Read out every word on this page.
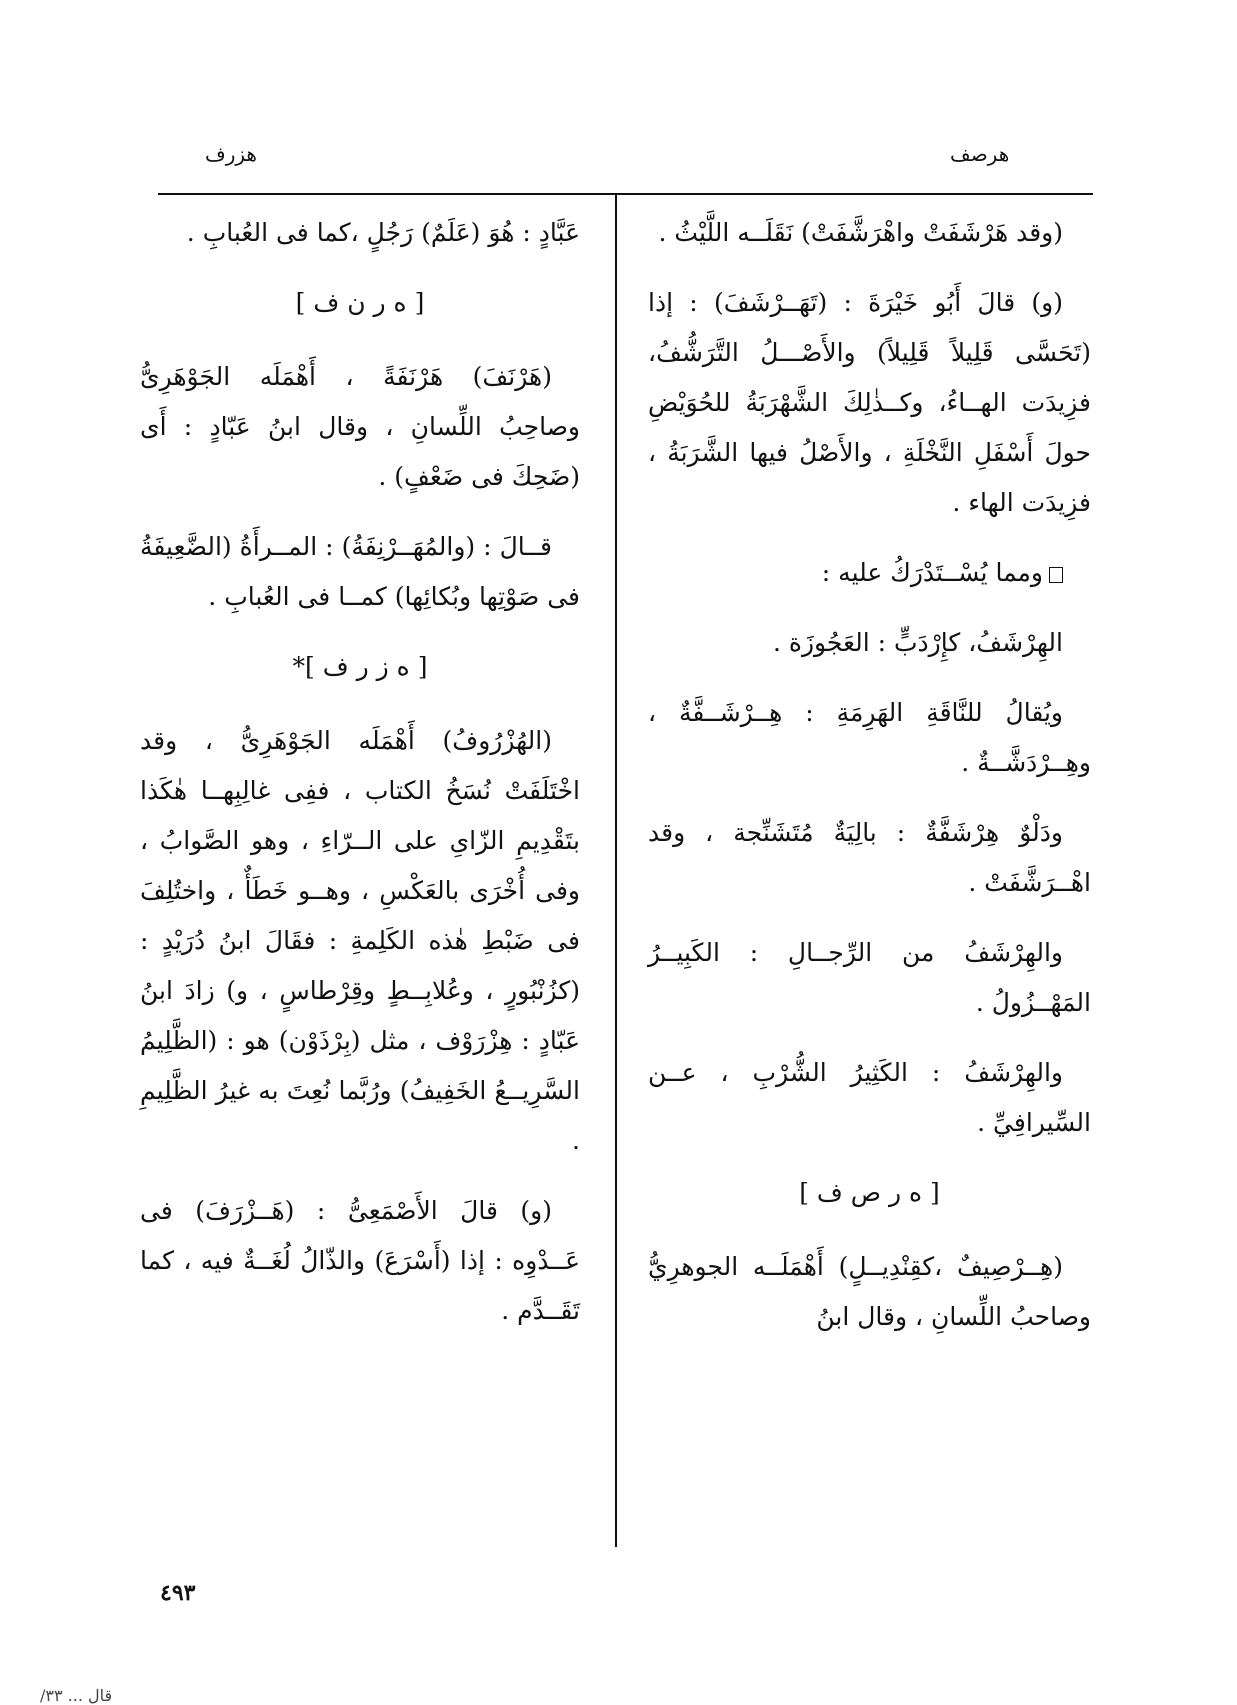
هرصف
هزرف

(وقد هَرْشَفَتْ واهْرَشَّفَتْ) نَقَلَــه اللَّيْثُ .

(و) قالَ أَبُو خَيْرَةَ : (تَهَــرْشَفَ) : إذا (تَحَسَّى قَلِيلاً قَلِيلاً) والأَصْـــلُ التَّرَشُّفُ، فزِيدَت الهــاءُ، وكــذٰلِكَ الشَّهْرَبَةُ للحُوَيْضِ حولَ أَسْفَلِ النَّخْلَةِ ، والأَصْلُ فيها الشَّرَبَةُ ، فزِيدَت الهاء .

ومما يُسْــتَدْرَكُ عليه :

الهِرْشَفُ، كإِرْدَبٍّ : العَجُوزَة .

ويُقالُ للنَّاقَةِ الهَرِمَةِ : هِــرْشَــفَّةٌ ، وهِــرْدَشَّــةٌ .

ودَلْوٌ هِرْشَفَّةٌ : بالِيَةٌ مُتَشَنِّجة ، وقد اهْــرَشَّفَتْ .

والهِرْشَفُ من الرِّجــالِ : الكَبِيــرُ المَهْــزُولُ .

والهِرْشَفُ : الكَثِيرُ الشُّرْبِ ، عــن السِّيرافِيِّ .

[ ه ر ص ف ]

(هِــرْصِيفٌ ،كقِنْدِيــلٍ) أَهْمَلَــه الجوهرِيُّ وصاحبُ اللِّسانِ ، وقال ابنُ

عَبَّادٍ : هُوَ (عَلَمٌ) رَجُلٍ ،كما فى العُبابِ .

[ ه ر ن ف ]

(هَرْنَفَ) هَرْنَفَةً ، أَهْمَلَه الجَوْهَرِىُّ وصاحِبُ اللِّسانِ ، وقال ابنُ عَبّادٍ : أَى (ضَحِكَ فى ضَعْفٍ) .

قــالَ : (والمُهَــرْنِفَةُ) : المــرأَةُ (الضَّعِيفَةُ فى صَوْتِها وبُكائِها) كمــا فى العُبابِ .

[ ه ز ر ف ]*

(الهُزْرُوفُ) أَهْمَلَه الجَوْهَرِىُّ ، وقد اخْتَلَفَتْ نُسَخُ الكتاب ، ففِى غالِبِهــا هٰكَذا بتَقْدِيمِ الزّاىِ على الــرّاءِ ، وهو الصَّوابُ ، وفى أُخْرَى بالعَكْسِ ، وهــو خَطَأٌ ، واختُلِفَ فى ضَبْطِ هٰذه الكَلِمةِ : فقَالَ ابنُ دُرَيْدٍ : (كزُنْبُورٍ ، وعُلابِــطٍ وقِرْطاسٍ ، و) زادَ ابنُ عَبّادٍ : هِزْرَوْف ، مثل (بِرْذَوْن) هو : (الظَّلِيمُ السَّرِيــعُ الخَفِيفُ) ورُبَّما نُعِتَ به غيرُ الظَّلِيمِ .

(و) قالَ الأَصْمَعِىُّ : (هَــزْرَفَ) فى عَــدْوِه : إذا (أَسْرَعَ) والذّالُ لُغَــةٌ فيه ، كما تَقَــدَّم .

٤٩٣
قال ... ٣٣/
